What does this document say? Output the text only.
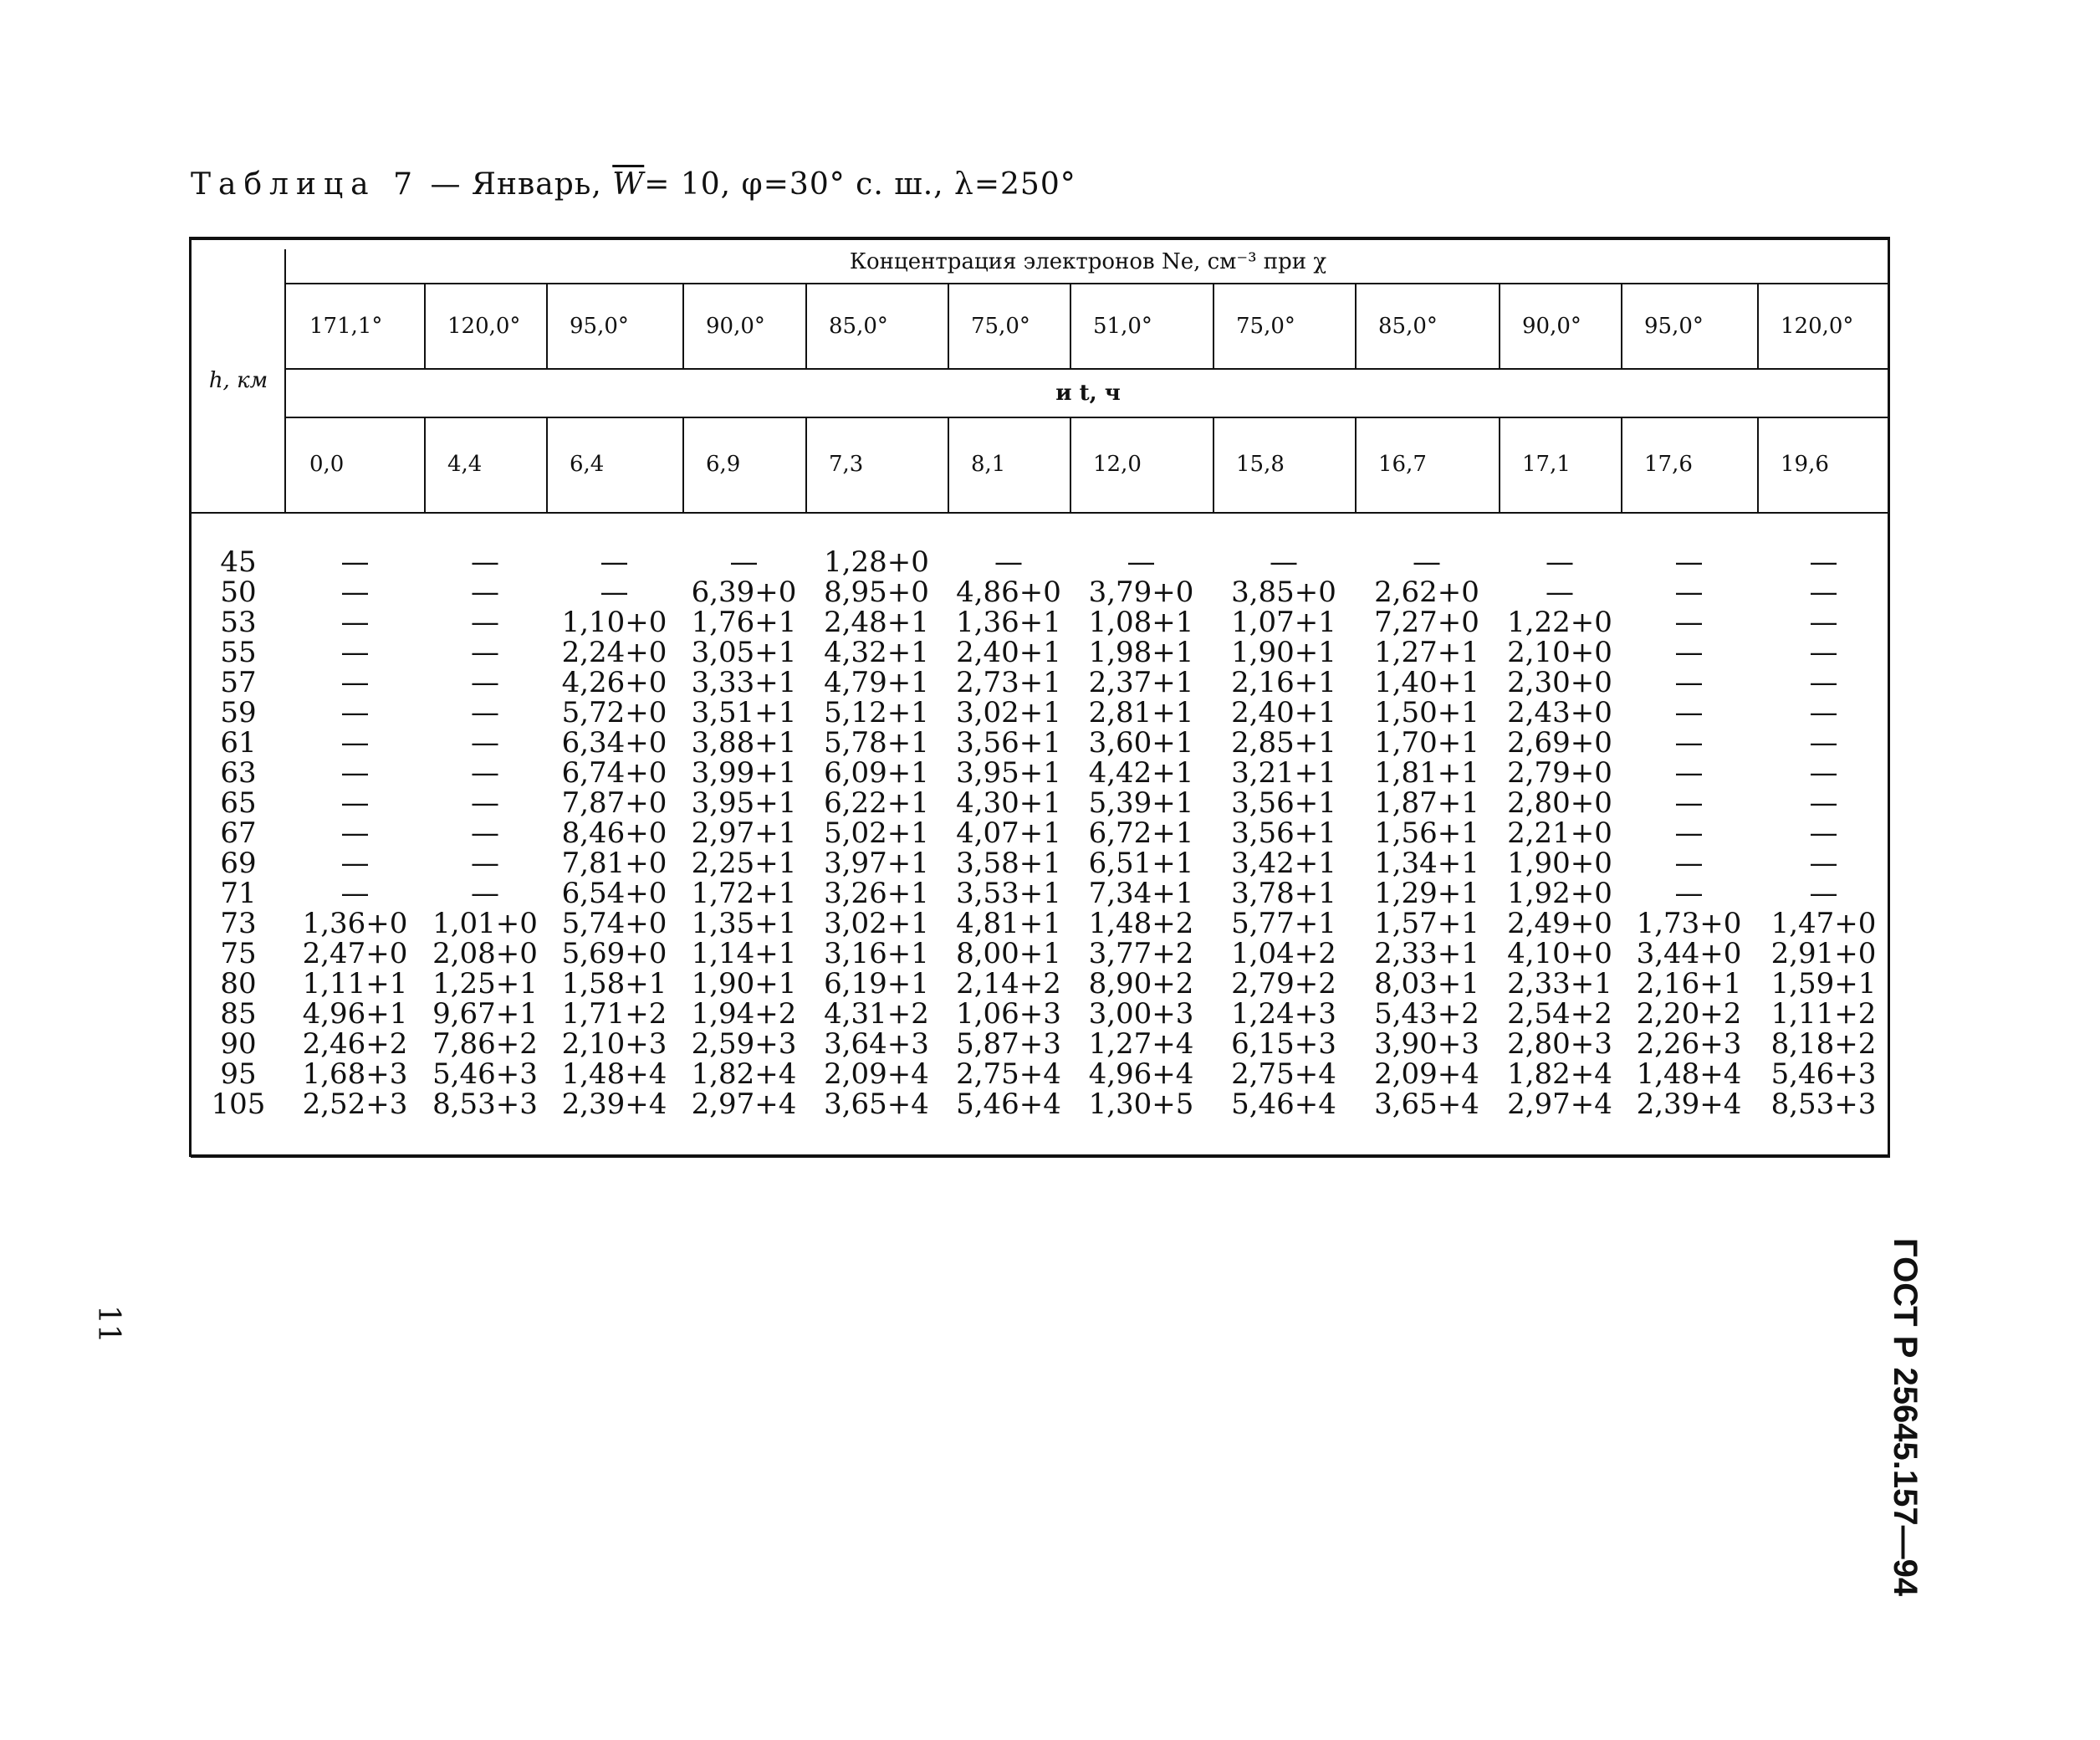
Таблица 7 — Январь, $\overline{W}= 10$, φ=30° с. ш., λ=250°
h, км
Концентрация электронов Ne, см⁻³ при χ
и t, ч
171,1°	120,0°	95,0°	90,0°	85,0°	75,0°	51,0°	75,0°	85,0°	90,0°	95,0°	120,0°
0,0	4,4	6,4	6,9	7,3	8,1	12,0	15,8	16,7	17,1	17,6	19,6
45	—	—	—	—	1,28+0	—	—	—	—	—	—	—
50	—	—	—	6,39+0 8,95+0 4,86+0 3,79+0	3,85+0	2,62+0	—	—	—
53	—	—	1,10+0 1,76+1 2,48+1 1,36+1 1,08+1	1,07+1	7,27+0 1,22+0	—	—
55	—	—	2,24+0 3,05+1 4,32+1 2,40+1 1,98+1	1,90+1	1,27+1 2,10+0	—	—
57	—	—	4,26+0 3,33+1 4,79+1 2,73+1 2,37+1	2,16+1	1,40+1 2,30+0	—	—
59	—	—	5,72+0 3,51+1 5,12+1 3,02+1 2,81+1	2,40+1	1,50+1 2,43+0	—	—
61	—	—	6,34+0 3,88+1 5,78+1 3,56+1 3,60+1	2,85+1	1,70+1 2,69+0	—	—
63	—	—	6,74+0 3,99+1 6,09+1 3,95+1 4,42+1	3,21+1	1,81+1 2,79+0	—	—
65	—	—	7,87+0 3,95+1 6,22+1 4,30+1 5,39+1	3,56+1	1,87+1 2,80+0	—	—
67	—	—	8,46+0 2,97+1 5,02+1 4,07+1 6,72+1	3,56+1	1,56+1 2,21+0	—	—
69	—	—	7,81+0 2,25+1 3,97+1 3,58+1 6,51+1	3,42+1	1,34+1 1,90+0	—	—
71	—	—	6,54+0 1,72+1 3,26+1 3,53+1 7,34+1	3,78+1	1,29+1 1,92+0	—	—
73	1,36+0 1,01+0 5,74+0 1,35+1 3,02+1 4,81+1 1,48+2	5,77+1	1,57+1 2,49+0 1,73+0	1,47+0
75	2,47+0 2,08+0 5,69+0 1,14+1 3,16+1 8,00+1 3,77+2	1,04+2	2,33+1 4,10+0 3,44+0	2,91+0
80	1,11+1 1,25+1 1,58+1 1,90+1 6,19+1 2,14+2 8,90+2	2,79+2	8,03+1 2,33+1 2,16+1	1,59+1
85	4,96+1 9,67+1 1,71+2 1,94+2 4,31+2 1,06+3 3,00+3	1,24+3	5,43+2 2,54+2 2,20+2	1,11+2
90	2,46+2 7,86+2 2,10+3 2,59+3 3,64+3 5,87+3 1,27+4	6,15+3	3,90+3 2,80+3 2,26+3	8,18+2
95	1,68+3 5,46+3 1,48+4 1,82+4 2,09+4 2,75+4 4,96+4	2,75+4	2,09+4 1,82+4 1,48+4	5,46+3
105	2,52+3 8,53+3 2,39+4 2,97+4 3,65+4 5,46+4 1,30+5	5,46+4	3,65+4 2,97+4 2,39+4	8,53+3
ГОСТ Р 25645.157—94
11
